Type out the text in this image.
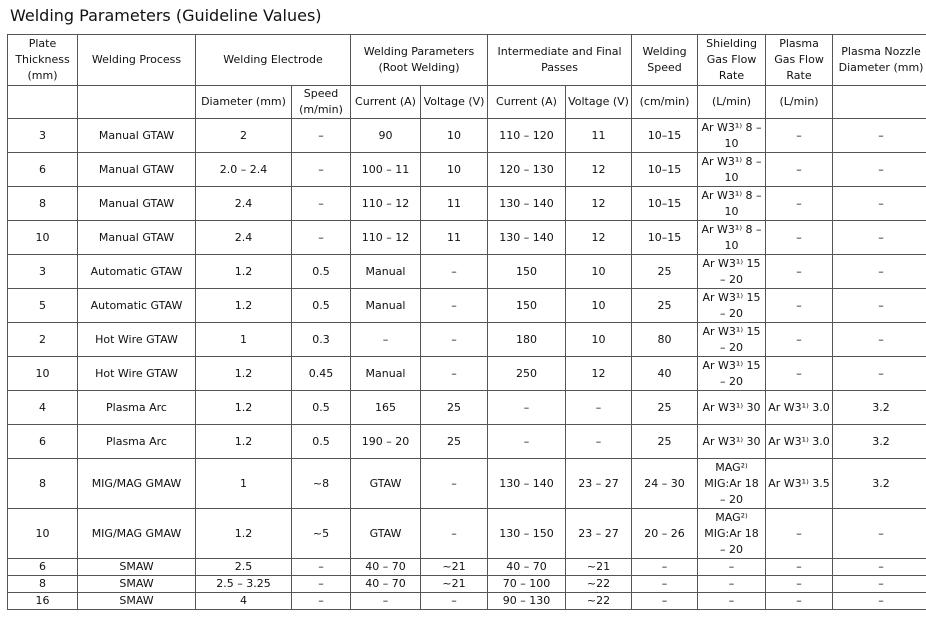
Welding Parameters (Guideline Values)
Plate Thickness (mm)	Welding Process	Welding Electrode		Welding Parameters (Root Welding)		Intermediate and Final Passes		Welding Speed	Shielding Gas Flow Rate	Plasma Gas Flow Rate	Plasma Nozzle Diameter (mm)
		Diameter (mm)	Speed (m/min)	Current (A)	Voltage (V)	Current (A)	Voltage (V)	(cm/min)	(L/min)	(L/min)	
3	Manual GTAW	2	–	90	10	110 – 120	11	10–15	Ar W3¹⁾ 8 – 10	–	–
6	Manual GTAW	2.0 – 2.4	–	100 – 11	10	120 – 130	12	10–15	Ar W3¹⁾ 8 – 10	–	–
8	Manual GTAW	2.4	–	110 – 12	11	130 – 140	12	10–15	Ar W3¹⁾ 8 – 10	–	–
10	Manual GTAW	2.4	–	110 – 12	11	130 – 140	12	10–15	Ar W3¹⁾ 8 – 10	–	–
3	Automatic GTAW	1.2	0.5	Manual	–	150	10	25	Ar W3¹⁾ 15 – 20	–	–
5	Automatic GTAW	1.2	0.5	Manual	–	150	10	25	Ar W3¹⁾ 15 – 20	–	–
2	Hot Wire GTAW	1	0.3	–	–	180	10	80	Ar W3¹⁾ 15 – 20	–	–
10	Hot Wire GTAW	1.2	0.45	Manual	–	250	12	40	Ar W3¹⁾ 15 – 20	–	–
4	Plasma Arc	1.2	0.5	165	25	–	–	25	Ar W3¹⁾ 30	Ar W3¹⁾ 3.0	3.2
6	Plasma Arc	1.2	0.5	190 – 20	25	–	–	25	Ar W3¹⁾ 30	Ar W3¹⁾ 3.0	3.2
8	MIG/MAG GMAW	1	~8	GTAW	–	130 – 140	23 – 27	24 – 30	MAG²⁾ MIG:Ar 18 – 20	Ar W3¹⁾ 3.5	3.2
10	MIG/MAG GMAW	1.2	~5	GTAW	–	130 – 150	23 – 27	20 – 26	MAG²⁾ MIG:Ar 18 – 20	–	–
6	SMAW	2.5	–	40 – 70	~21	40 – 70	~21	–	–	–	–
8	SMAW	2.5 – 3.25	–	40 – 70	~21	70 – 100	~22	–	–	–	–
16	SMAW	4	–	–	–	90 – 130	~22	–	–	–	–
